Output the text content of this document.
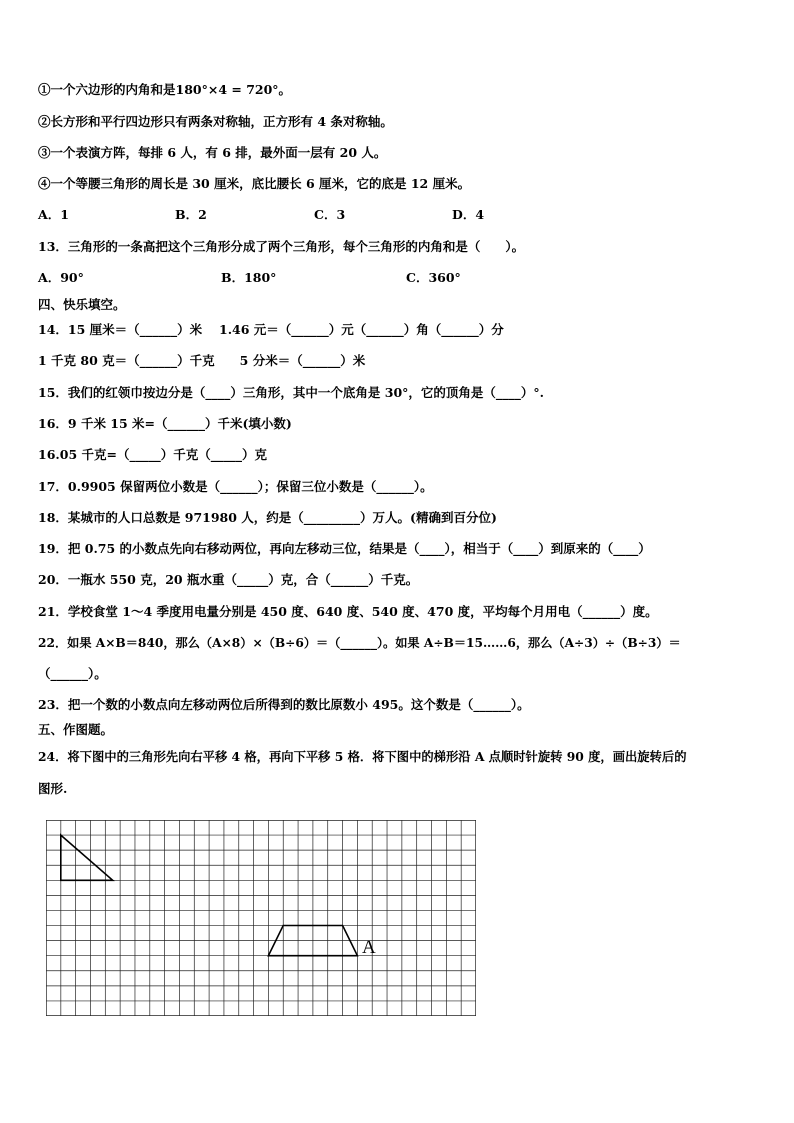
①一个六边形的内角和是180°×4 = 720°。
②长方形和平行四边形只有两条对称轴，正方形有 4 条对称轴。
③一个表演方阵，每排 6 人，有 6 排，最外面一层有 20 人。
④一个等腰三角形的周长是 30 厘米，底比腰长 6 厘米，它的底是 12 厘米。
A．1	B．2	C．3	D．4
13．三角形的一条高把这个三角形分成了两个三角形，每个三角形的内角和是（　　）。
A．90°	B．180°	C．360°
四、快乐填空。
14．15 厘米＝（______）米　 1.46 元＝（______）元（______）角（______）分
1 千克 80 克＝（______）千克　　5 分米＝（______）米
15．我们的红领巾按边分是（____）三角形，其中一个底角是 30°，它的顶角是（____）°.
16．9 千米 15 米=（______）千米(填小数)
16.05 千克=（_____）千克（_____）克
17．0.9905 保留两位小数是（______）；保留三位小数是（______）。
18．某城市的人口总数是 971980 人，约是（_________）万人。(精确到百分位)
19．把 0.75 的小数点先向右移动两位，再向左移动三位，结果是（____），相当于（____）到原来的（____）
20．一瓶水 550 克，20 瓶水重（_____）克，合（______）千克。
21．学校食堂 1～4 季度用电量分别是 450 度、640 度、540 度、470 度，平均每个月用电（______）度。
22．如果 A×B＝840，那么（A×8）×（B÷6）＝（______）。如果 A÷B＝15……6，那么（A÷3）÷（B÷3）＝
（______）。
23．把一个数的小数点向左移动两位后所得到的数比原数小 495。这个数是（______）。
五、作图题。
24．将下图中的三角形先向右平移 4 格，再向下平移 5 格．将下图中的梯形沿 A 点顺时针旋转 90 度，画出旋转后的
图形.
A
